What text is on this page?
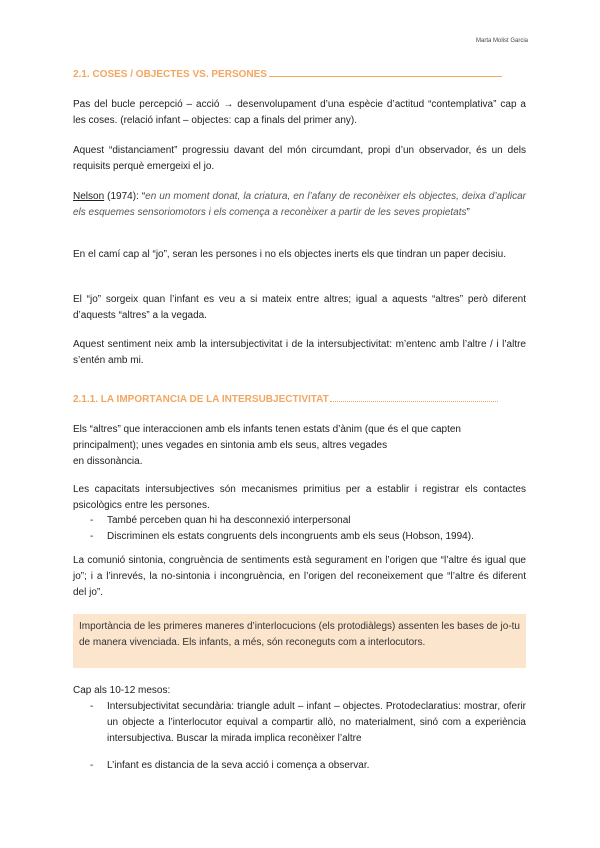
Marta Molist Garcia
2.1. COSES / OBJECTES VS. PERSONES

Pas del bucle percepció – acció → desenvolupament d’una espècie d’actitud “contemplativa” cap a les coses. (relació infant – objectes: cap a finals del primer any).

Aquest “distanciament” progressiu davant del món circumdant, propi d’un observador, és un dels requisits perquè emergeixi el jo.

Nelson (1974): “en un moment donat, la criatura, en l’afany de reconèixer els objectes, deixa d’aplicar els esquemes sensoriomotors i els comença a reconèixer a partir de les seves propietats”

En el camí cap al “jo”, seran les persones i no els objectes inerts els que tindran un paper decisiu.

El “jo” sorgeix quan l’infant es veu a si mateix entre altres; igual a aquests “altres” però diferent d’aquests “altres” a la vegada.

Aquest sentiment neix amb la intersubjectivitat i de la intersubjectivitat: m’entenc amb l’altre / i l’altre s’entén amb mi.

2.1.1. LA IMPORTÀNCIA DE LA INTERSUBJECTIVITAT

Els “altres” que interaccionen amb els infants tenen estats d’ànim (que és el que capten principalment); unes vegades en sintonia amb els seus, altres vegades
en dissonància.

Les capacitats intersubjectives són mecanismes primitius per a establir i registrar els contactes psicològics entre les persones.

- També perceben quan hi ha desconnexió interpersonal
- Discriminen els estats congruents dels incongruents amb els seus (Hobson, 1994).

La comunió sintonia, congruència de sentiments està segurament en l’origen que “l’altre és igual que jo”; i a l’inrevés, la no-sintonia i incongruència, en l’origen del reconeixement que “l’altre és diferent del jo”.

Importància de les primeres maneres d’interlocucions (els protodiàlegs) assenten les bases de jo-tu de manera vivenciada. Els infants, a més, són reconeguts com a interlocutors.

Cap als 10-12 mesos:

- Intersubjectivitat secundària: triangle adult – infant – objectes. Protodeclaratius: mostrar, oferir un objecte a l’interlocutor equival a compartir allò, no materialment, sinó com a experiència intersubjectiva. Buscar la mirada implica reconèixer l’altre
- L’infant es distancia de la seva acció i comença a observar.
